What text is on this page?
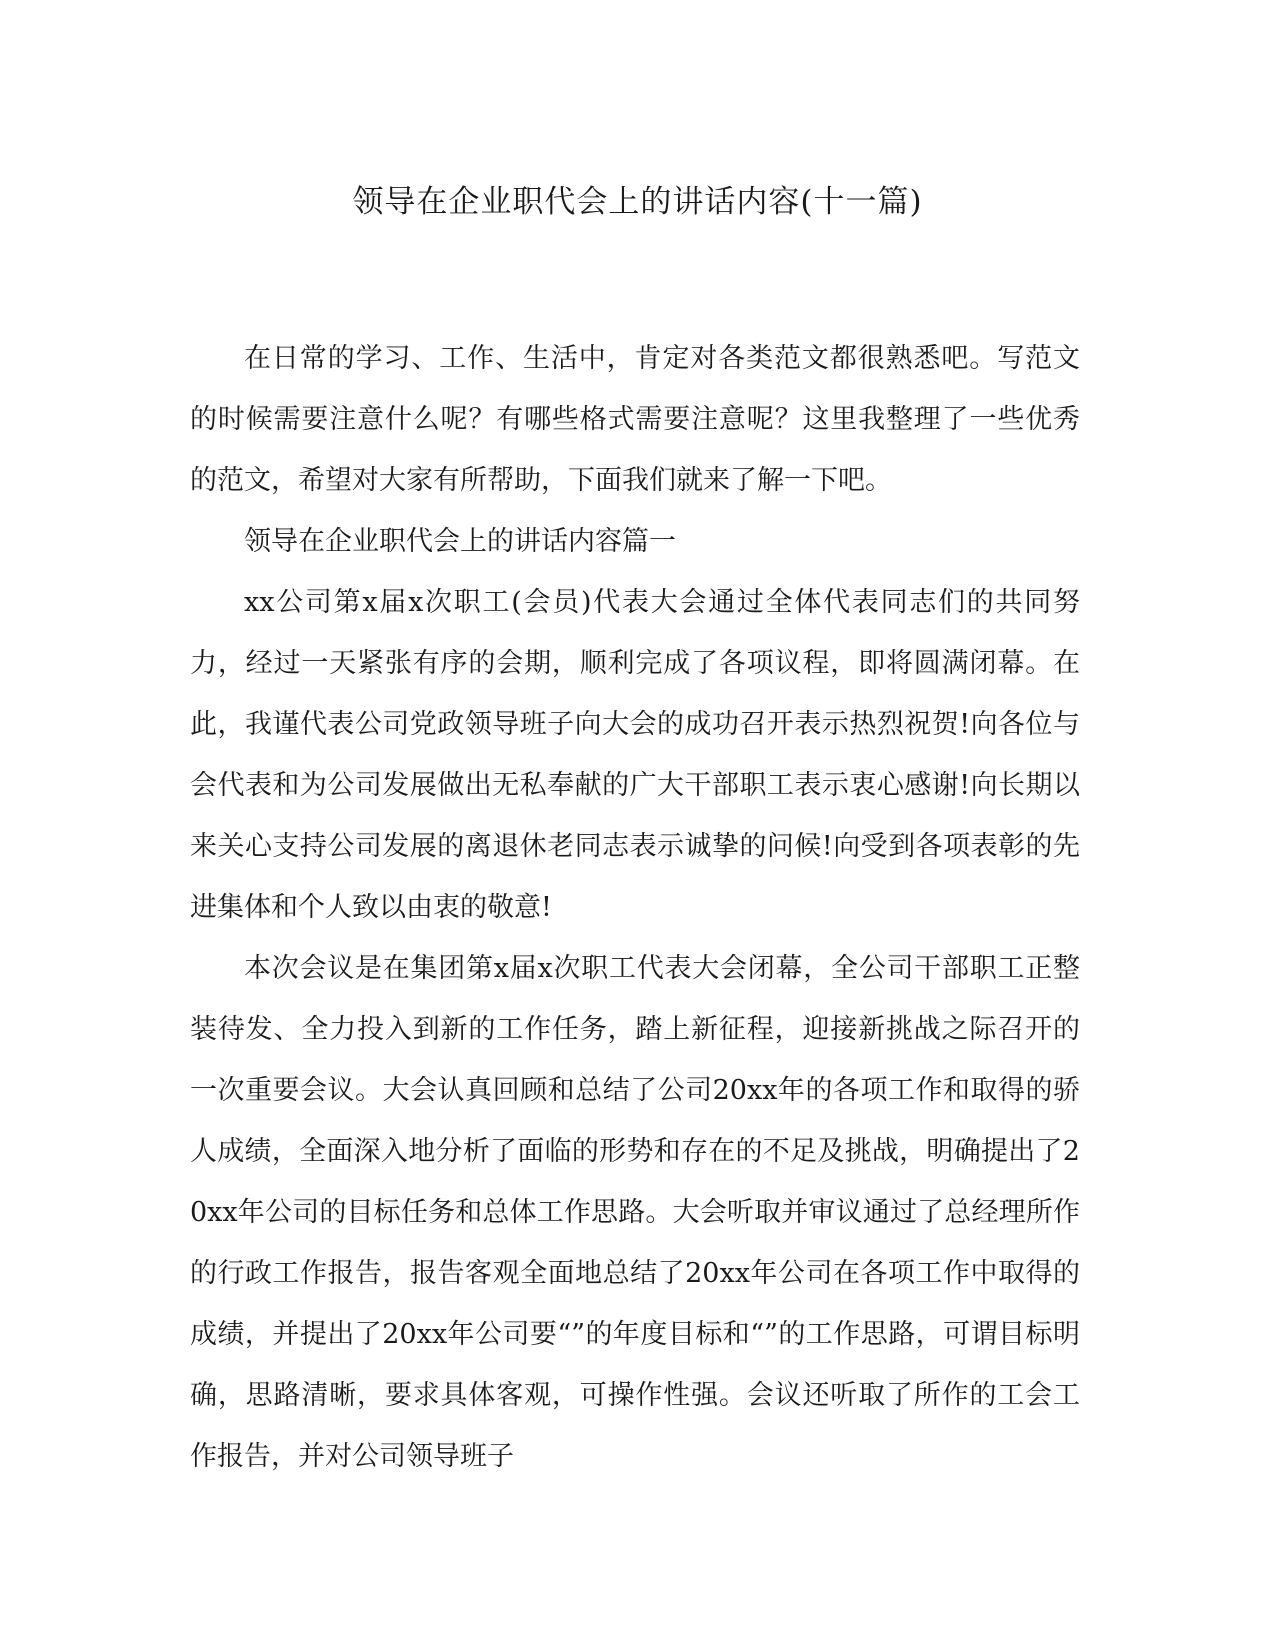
领导在企业职代会上的讲话内容(十一篇)

在日常的学习、工作、生活中，肯定对各类范文都很熟悉吧。写范文的时候需要注意什么呢？有哪些格式需要注意呢？这里我整理了一些优秀的范文，希望对大家有所帮助，下面我们就来了解一下吧。

领导在企业职代会上的讲话内容篇一

xx公司第x届x次职工(会员)代表大会通过全体代表同志们的共同努力，经过一天紧张有序的会期，顺利完成了各项议程，即将圆满闭幕。在此，我谨代表公司党政领导班子向大会的成功召开表示热烈祝贺!向各位与会代表和为公司发展做出无私奉献的广大干部职工表示衷心感谢!向长期以来关心支持公司发展的离退休老同志表示诚挚的问候!向受到各项表彰的先进集体和个人致以由衷的敬意!

本次会议是在集团第x届x次职工代表大会闭幕，全公司干部职工正整装待发、全力投入到新的工作任务，踏上新征程，迎接新挑战之际召开的一次重要会议。大会认真回顾和总结了公司20xx年的各项工作和取得的骄人成绩，全面深入地分析了面临的形势和存在的不足及挑战，明确提出了20xx年公司的目标任务和总体工作思路。大会听取并审议通过了总经理所作的行政工作报告，报告客观全面地总结了20xx年公司在各项工作中取得的成绩，并提出了20xx年公司要“”的年度目标和“”的工作思路，可谓目标明确，思路清晰，要求具体客观，可操作性强。会议还听取了所作的工会工作报告，并对公司领导班子
